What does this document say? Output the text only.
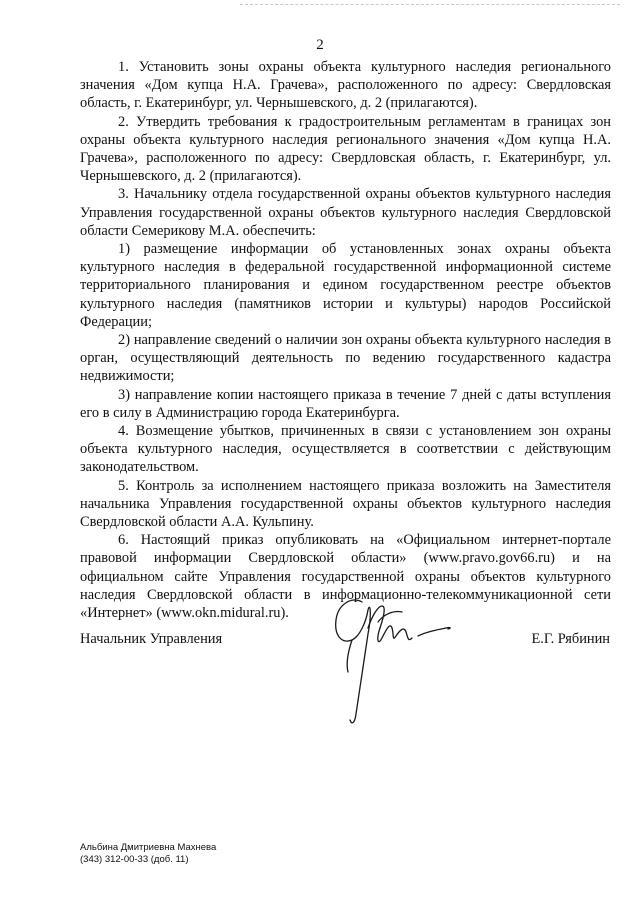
2

1. Установить зоны охраны объекта культурного наследия регионального значения «Дом купца Н.А. Грачева», расположенного по адресу: Свердловская область, г. Екатеринбург, ул. Чернышевского, д. 2 (прилагаются).

2. Утвердить требования к градостроительным регламентам в границах зон охраны объекта культурного наследия регионального значения «Дом купца Н.А. Грачева», расположенного по адресу: Свердловская область, г. Екатеринбург, ул. Чернышевского, д. 2 (прилагаются).

3. Начальнику отдела государственной охраны объектов культурного наследия Управления государственной охраны объектов культурного наследия Свердловской области Семерикову М.А. обеспечить:

1) размещение информации об установленных зонах охраны объекта культурного наследия в федеральной государственной информационной системе территориального планирования и едином государственном реестре объектов культурного наследия (памятников истории и культуры) народов Российской Федерации;

2) направление сведений о наличии зон охраны объекта культурного наследия в орган, осуществляющий деятельность по ведению государственного кадастра недвижимости;

3) направление копии настоящего приказа в течение 7 дней с даты вступления его в силу в Администрацию города Екатеринбурга.

4. Возмещение убытков, причиненных в связи с установлением зон охраны объекта культурного наследия, осуществляется в соответствии с действующим законодательством.

5. Контроль за исполнением настоящего приказа возложить на Заместителя начальника Управления государственной охраны объектов культурного наследия Свердловской области А.А. Кульпину.

6. Настоящий приказ опубликовать на «Официальном интернет-портале правовой информации Свердловской области» (www.pravo.gov66.ru) и на официальном сайте Управления государственной охраны объектов культурного наследия Свердловской области в информационно-телекоммуникационной сети «Интернет» (www.okn.midural.ru).

Начальник Управления	Е.Г. Рябинин
Альбина Дмитриевна Махнева
(343) 312-00-33 (доб. 11)
